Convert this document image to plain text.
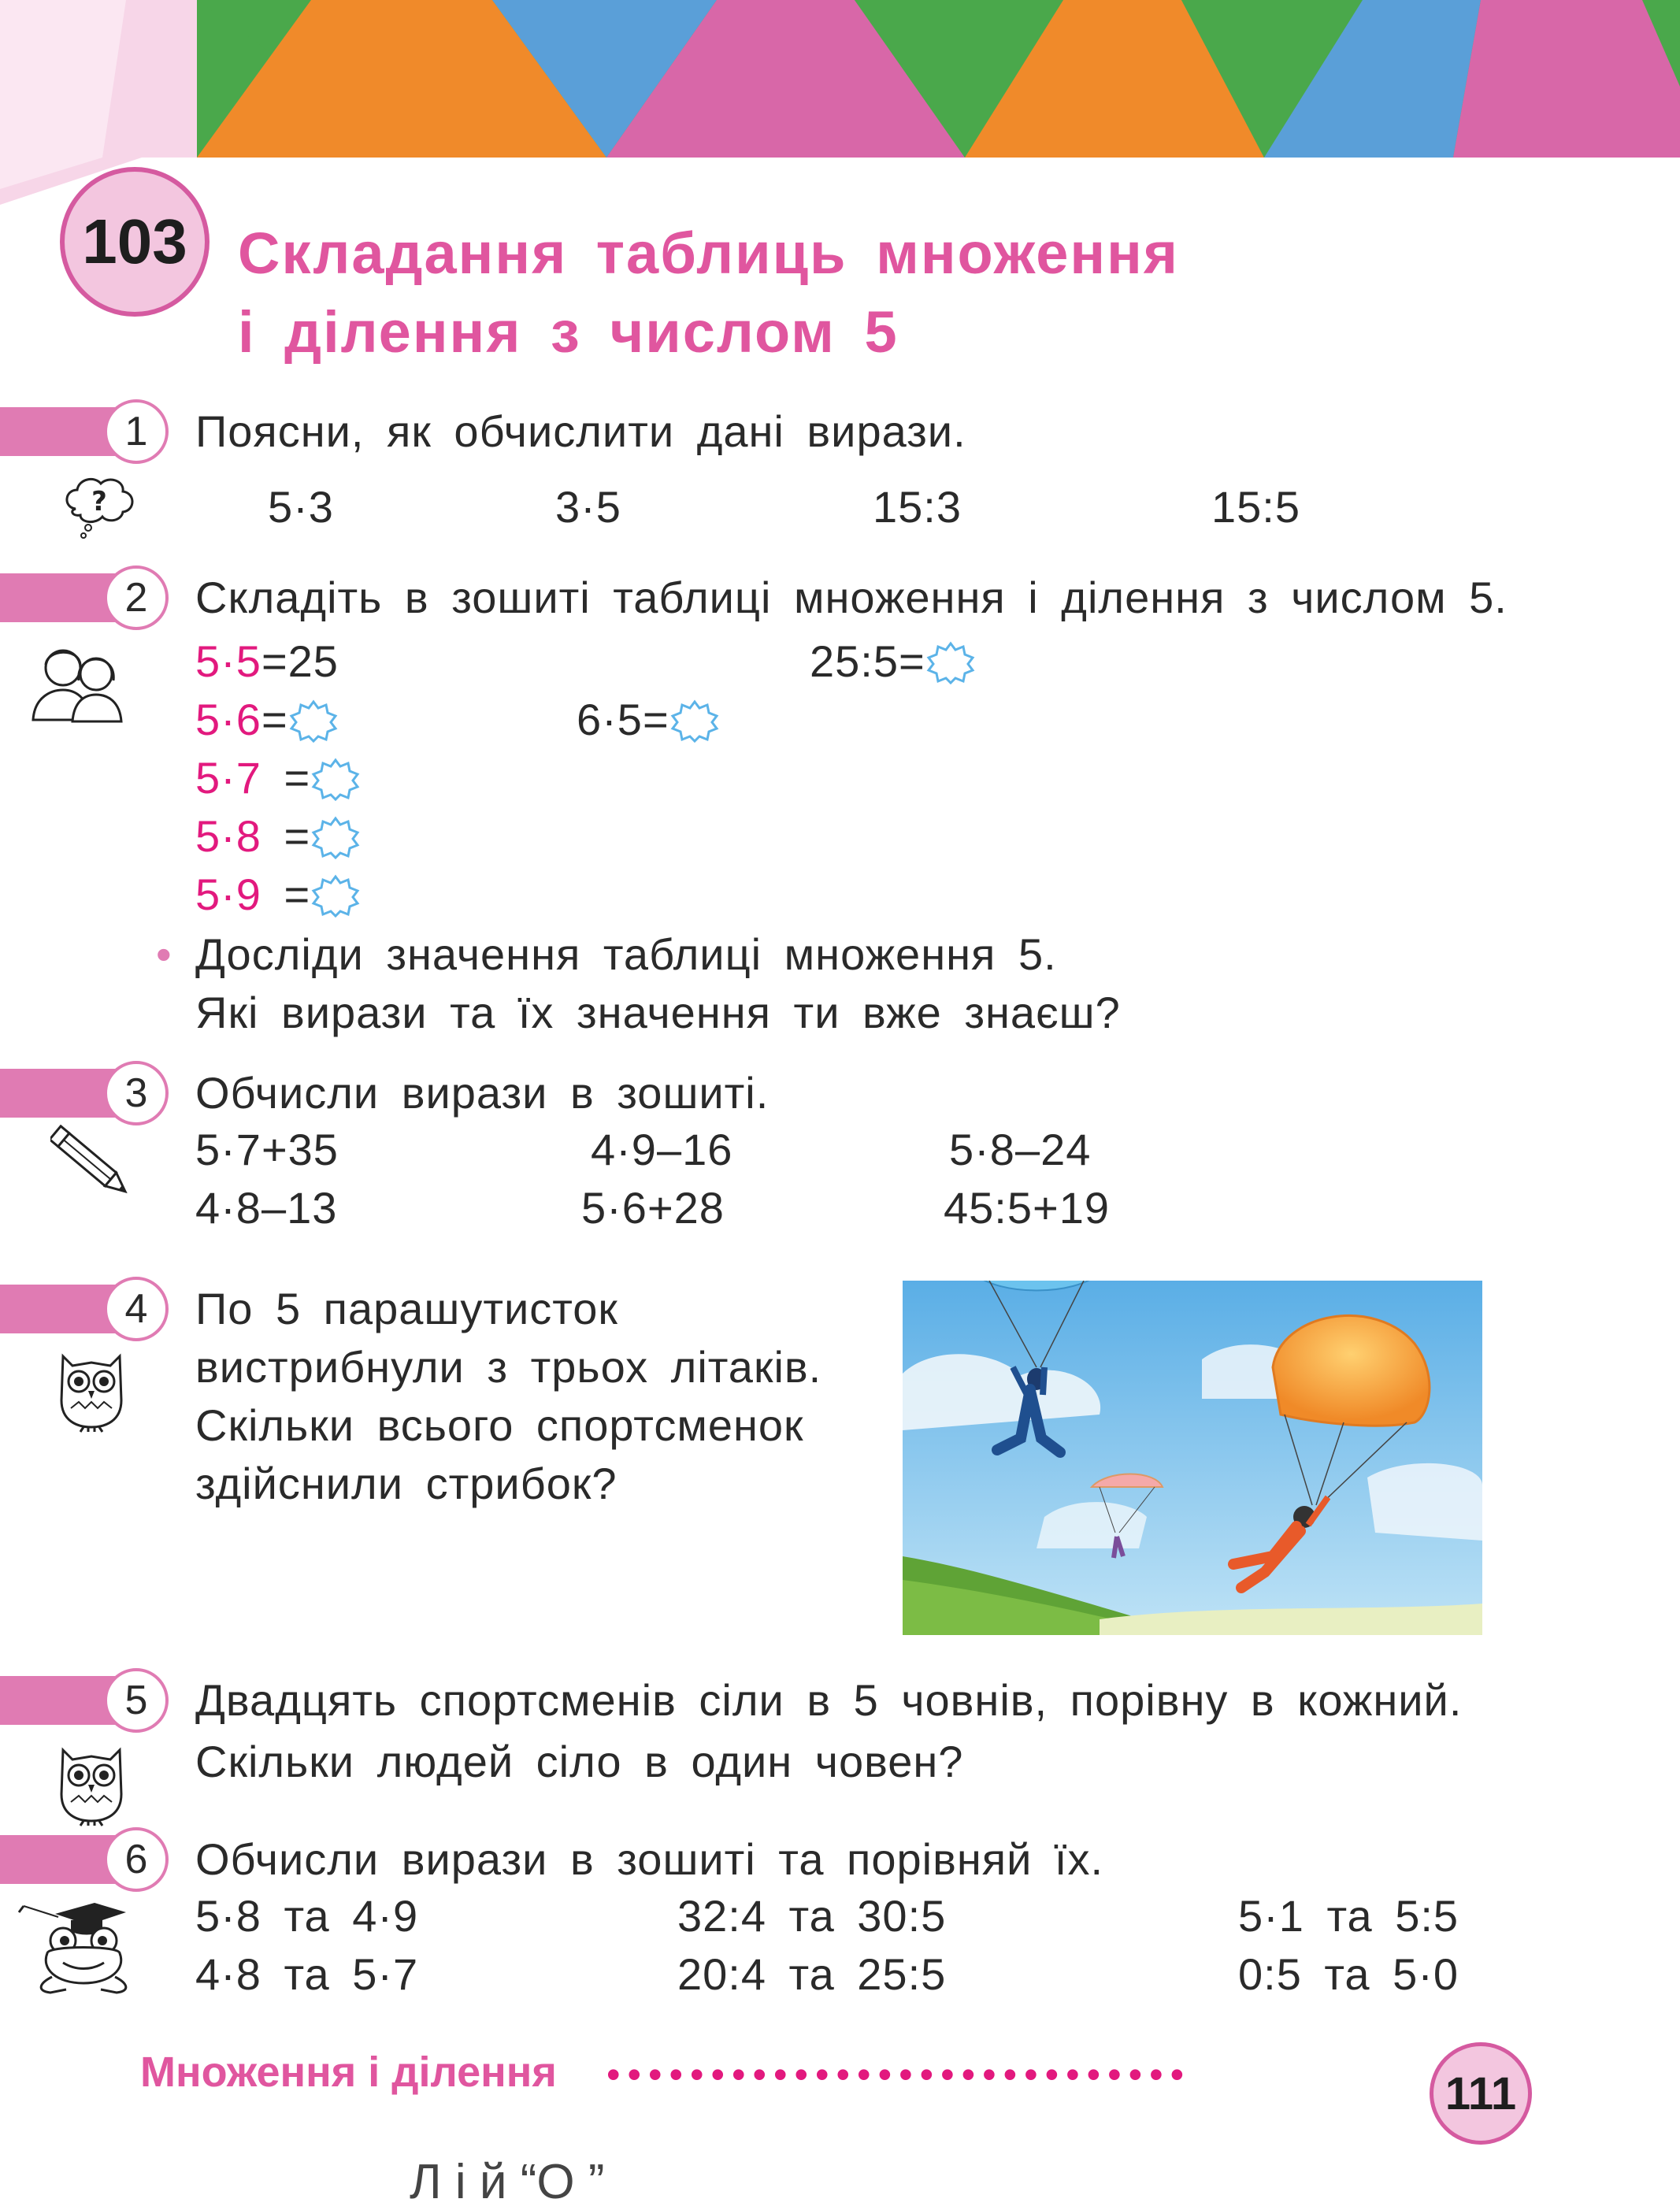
103 Складання таблиць множення
і ділення з числом 5
1	Поясни, як обчислити дані вирази.
?	5·3	3·5	15:3	15:5
2	Складіть в зошиті таблиці множення і ділення з числом 5.
5·5=25
5·6=
5·7 =
5·8 =
5·9 =
6·5=
25:5=
• Досліди значення таблиці множення 5.
Які вирази та їх значення ти вже знаєш?
3	Обчисли вирази в зошиті.
5·7+35	4·9–16	5·8–24
4·8–13	5·6+28	45:5+19
4	По 5 парашутисток
вистрибнули з трьох літаків.
Скільки всього спортсменок
здійснили стрибок?
5	Двадцять спортсменів сіли в 5 човнів, порівну в кожний.
Скільки людей сіло в один човен?
6	Обчисли вирази в зошиті та порівняй їх.
5·8 та 4·9	32:4 та 30:5	5·1 та 5:5
4·8 та 5·7	20:4 та 25:5	0:5 та 5·0
Множення і ділення ••••••••••••••••••••••••••••	111
Л і й “О ”
